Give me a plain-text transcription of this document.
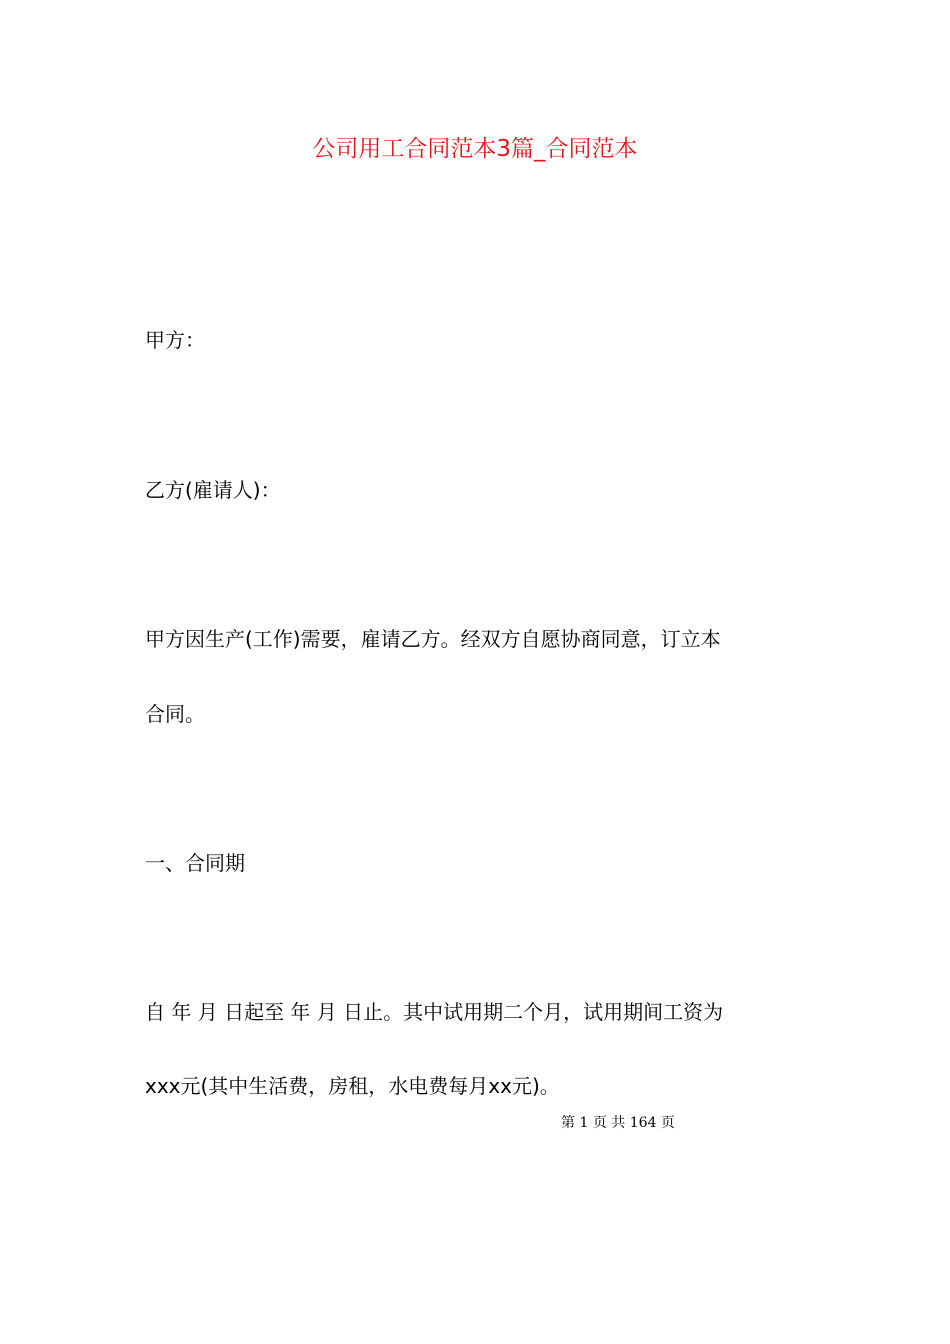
公司用工合同范本3篇_合同范本
甲方：
乙方(雇请人)：
甲方因生产(工作)需要，雇请乙方。经双方自愿协商同意，订立本
合同。
一、合同期
自 年 月 日起至 年 月 日止。其中试用期二个月，试用期间工资为
xxx元(其中生活费，房租，水电费每月xx元)。
第 1 页 共 164 页
